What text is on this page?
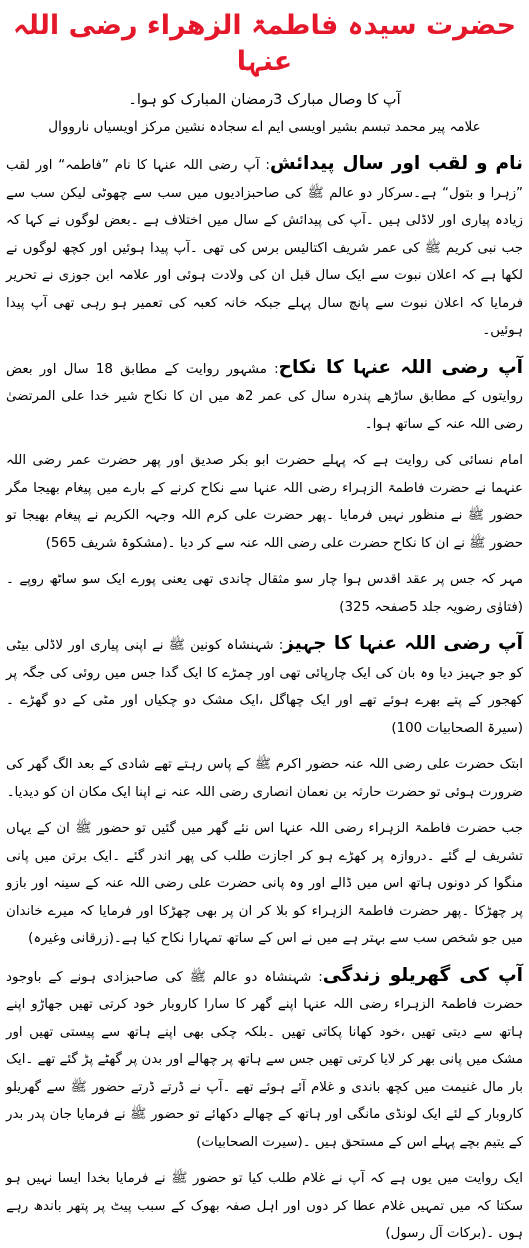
حضرت سیدہ فاطمۃ الزھراء رضی اللہ عنہا
آپ کا وصال مبارک 3رمضان المبارک کو ہوا۔
علامہ پیر محمد تبسم بشیر اویسی ایم اے سجادہ نشین مرکز اویسیاں نارووال

نام و لقب اور سال پیدائش: آپ رضی اللہ عنہا کا نام ”فاطمہ“ اور لقب ”زہرا و بتول“ ہے۔سرکار دو عالم ﷺ کی صاحبزادیوں میں سب سے چھوٹی لیکن سب سے زیادہ پیاری اور لاڈلی ہیں ۔آپ کی پیدائش کے سال میں اختلاف ہے ۔بعض لوگوں نے کہا کہ جب نبی کریم ﷺ کی عمر شریف اکتالیس برس کی تھی ۔آپ پیدا ہوئیں اور کچھ لوگوں نے لکھا ہے کہ اعلان نبوت سے ایک سال قبل ان کی ولادت ہوئی اور علامہ ابن جوزی نے تحریر فرمایا کہ اعلان نبوت سے پانچ سال پہلے جبکہ خانہ کعبہ کی تعمیر ہو رہی تھی آپ پیدا ہوئیں۔

آپ رضی اللہ عنہا کا نکاح: مشہور روایت کے مطابق 18 سال اور بعض روایتوں کے مطابق ساڑھے پندرہ سال کی عمر 2ھ میں ان کا نکاح شیر خدا علی المرتضیٰ رضی اللہ عنہ کے ساتھ ہوا۔

امام نسائی کی روایت ہے کہ پہلے حضرت ابو بکر صدیق اور پھر حضرت عمر رضی اللہ عنہما نے حضرت فاطمۃ الزہراء رضی اللہ عنہا سے نکاح کرنے کے بارے میں پیغام بھیجا مگر حضور ﷺ نے منظور نہیں فرمایا ۔پھر حضرت علی کرم اللہ وجہہ الکریم نے پیغام بھیجا تو حضور ﷺ نے ان کا نکاح حضرت علی رضی اللہ عنہ سے کر دیا ۔(مشکوۃ شریف 565)

مہر کہ جس پر عقد اقدس ہوا چار سو مثقال چاندی تھی یعنی پورے ایک سو ساٹھ روپے ۔(فتاوٰی رضویہ جلد 5صفحہ 325)

آپ رضی اللہ عنہا کا جہیز: شہنشاہ کونین ﷺ نے اپنی پیاری اور لاڈلی بیٹی کو جو جہیز دیا وہ بان کی ایک چارپائی تھی اور چمڑے کا ایک گدا جس میں روئی کی جگہ پر کھجور کے پتے بھرے ہوئے تھے اور ایک چھاگل ،ایک مشک دو چکیاں اور مٹی کے دو گھڑے ۔(سیرۃ الصحابیات 100)

ابتک حضرت علی رضی اللہ عنہ حضور اکرم ﷺ کے پاس رہتے تھے شادی کے بعد الگ گھر کی ضرورت ہوئی تو حضرت حارثہ بن نعمان انصاری رضی اللہ عنہ نے اپنا ایک مکان ان کو دیدیا۔

جب حضرت فاطمۃ الزہراء رضی اللہ عنہا اس نئے گھر میں گئیں تو حضور ﷺ ان کے یہاں تشریف لے گئے ۔دروازہ پر کھڑے ہو کر اجازت طلب کی پھر اندر گئے ۔ایک برتن میں پانی منگوا کر دونوں ہاتھ اس میں ڈالے اور وہ پانی حضرت علی رضی اللہ عنہ کے سینہ اور بازو پر چھڑکا ۔پھر حضرت فاطمۃ الزہراء کو بلا کر ان پر بھی چھڑکا اور فرمایا کہ میرے خاندان میں جو شخص سب سے بہتر ہے میں نے اس کے ساتھ تمہارا نکاح کیا ہے۔(زرقانی وغیرہ)

آپ کی گھریلو زندگی: شہنشاہ دو عالم ﷺ کی صاحبزادی ہونے کے باوجود حضرت فاطمۃ الزہراء رضی اللہ عنہا اپنے گھر کا سارا کاروبار خود کرتی تھیں جھاڑو اپنے ہاتھ سے دیتی تھیں ،خود کھانا پکاتی تھیں ۔بلکہ چکی بھی اپنے ہاتھ سے پیستی تھیں اور مشک میں پانی بھر کر لایا کرتی تھیں جس سے ہاتھ پر چھالے اور بدن پر گھٹے پڑ گئے تھے ۔ایک بار مال غنیمت میں کچھ باندی و غلام آئے ہوئے تھے ۔آپ نے ڈرتے ڈرتے حضور ﷺ سے گھریلو کاروبار کے لئے ایک لونڈی مانگی اور ہاتھ کے چھالے دکھائے تو حضور ﷺ نے فرمایا جان پدر بدر کے یتیم بچے پہلے اس کے مستحق ہیں ۔(سیرت الصحابیات)

ایک روایت میں یوں ہے کہ آپ نے غلام طلب کیا تو حضور ﷺ نے فرمایا بخدا ایسا نہیں ہو سکتا کہ میں تمہیں غلام عطا کر دوں اور اہل صفہ بھوک کے سبب پیٹ پر پتھر باندھ رہے ہوں ۔(برکات آل رسول)
